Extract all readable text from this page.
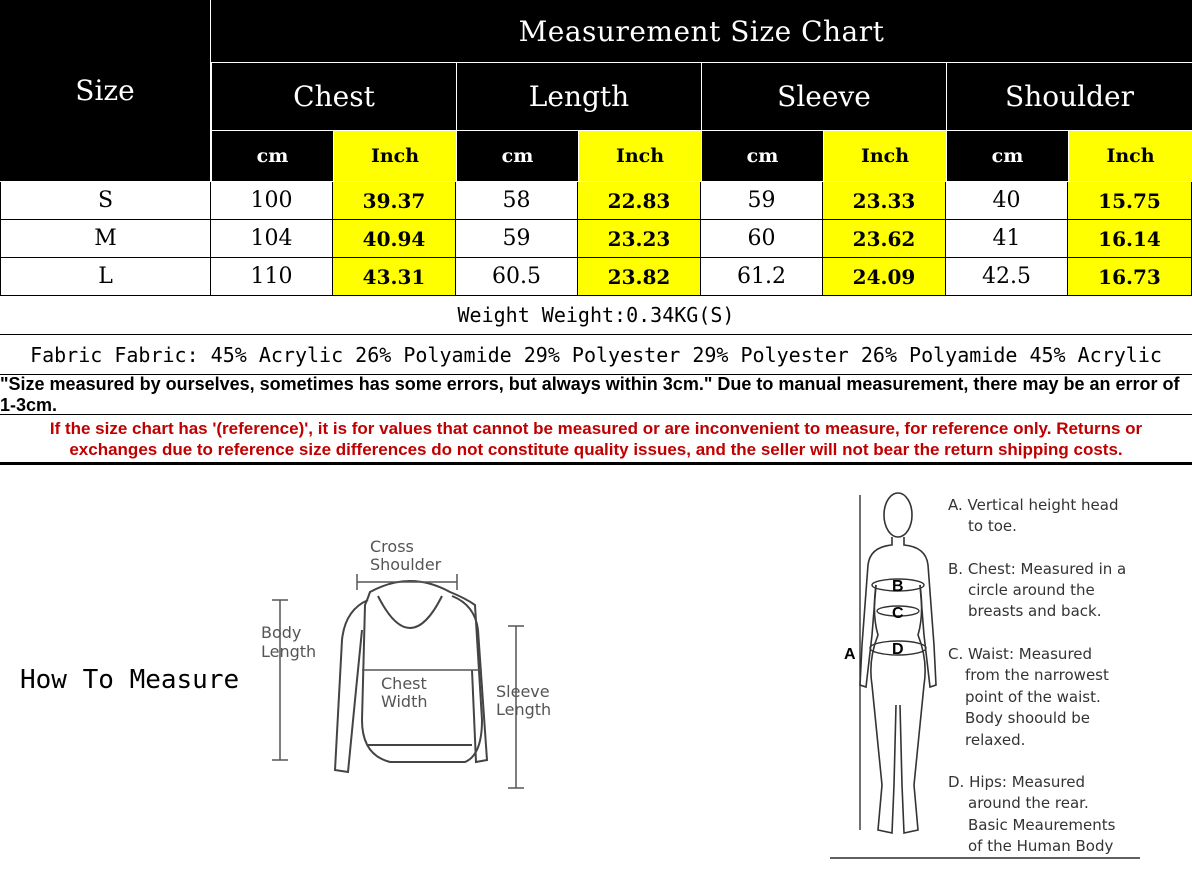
Measurement Size Chart
Size	Chest	Length	Sleeve	Shoulder
cm	Inch	cm	Inch	cm	Inch	cm	Inch
S	100	39.37	58	22.83	59	23.33	40	15.75
M	104	40.94	59	23.23	60	23.62	41	16.14
L	110	43.31	60.5	23.82	61.2	24.09	42.5	16.73
Weight Weight:0.34KG(S)
Fabric Fabric: 45% Acrylic 26% Polyamide 29% Polyester 29% Polyester 26% Polyamide 45% Acrylic
"Size measured by ourselves, sometimes has some errors, but always within 3cm." Due to manual measurement, there may be an error of 1-3cm.
If the size chart has '(reference)', it is for values that cannot be measured or are inconvenient to measure, for reference only. Returns or
exchanges due to reference size differences do not constitute quality issues, and the seller will not bear the return shipping costs.
How To Measure
Cross
Shoulder
Body
Length
Chest
Width
Sleeve
Length
A
B
C
D
A. Vertical height head
to toe.
B. Chest: Measured in a
circle around the
breasts and back.
C. Waist: Measured
from the narrowest
point of the waist.
Body shoould be
relaxed.
D. Hips: Measured
around the rear.
Basic Meaurements
of the Human Body
